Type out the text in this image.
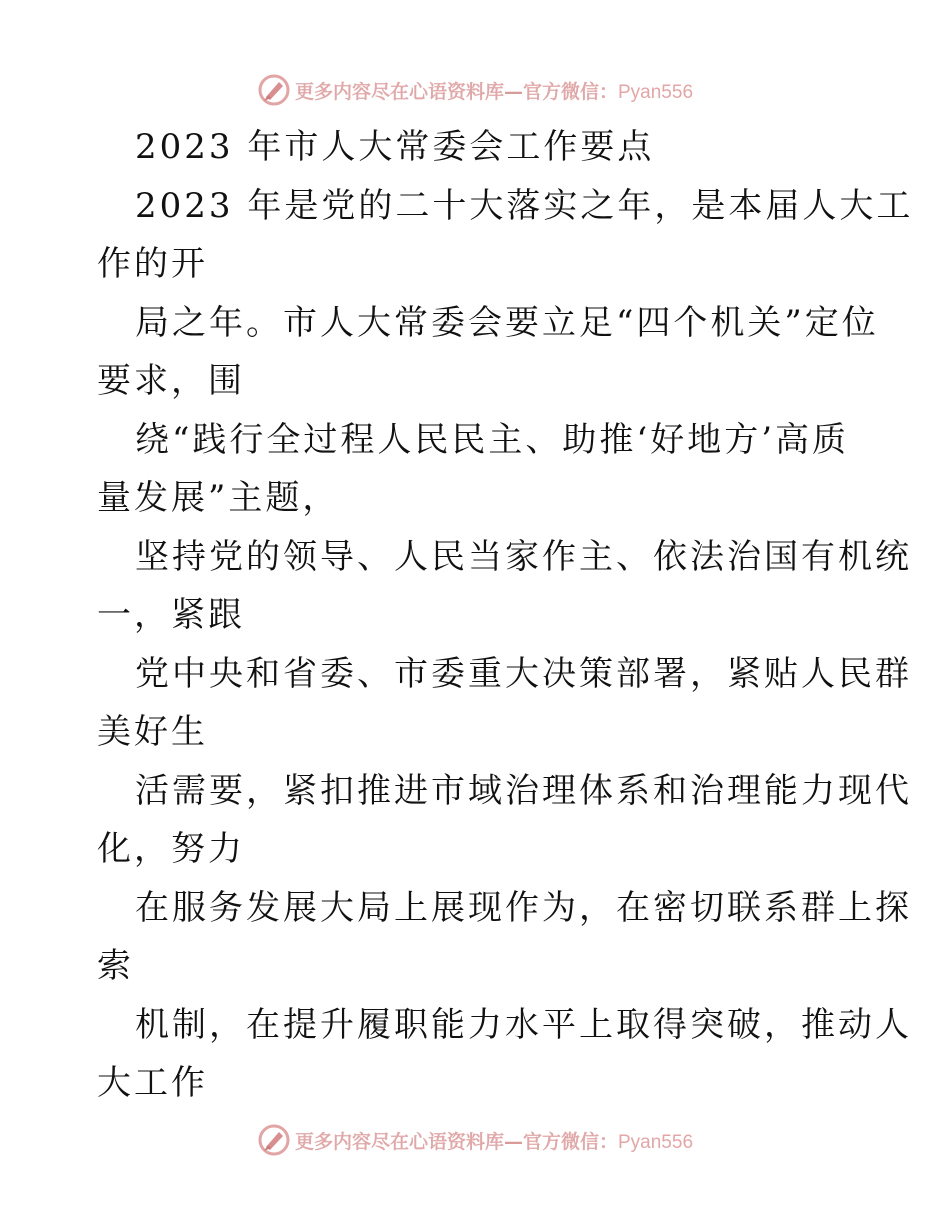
更多内容尽在心语资料库—官方微信：Pyan556
2023 年市人大常委会工作要点
2023 年是党的二十大落实之年，是本届人大工
作的开
局之年。市人大常委会要立足“四个机关”定位
要求，围
绕“践行全过程人民民主、助推‘好地方’高质
量发展”主题，
坚持党的领导、人民当家作主、依法治国有机统
一，紧跟
党中央和省委、市委重大决策部署，紧贴人民群
美好生
活需要，紧扣推进市域治理体系和治理能力现代
化，努力
在服务发展大局上展现作为，在密切联系群上探
索
机制，在提升履职能力水平上取得突破，推动人
大工作
更多内容尽在心语资料库—官方微信：Pyan556
